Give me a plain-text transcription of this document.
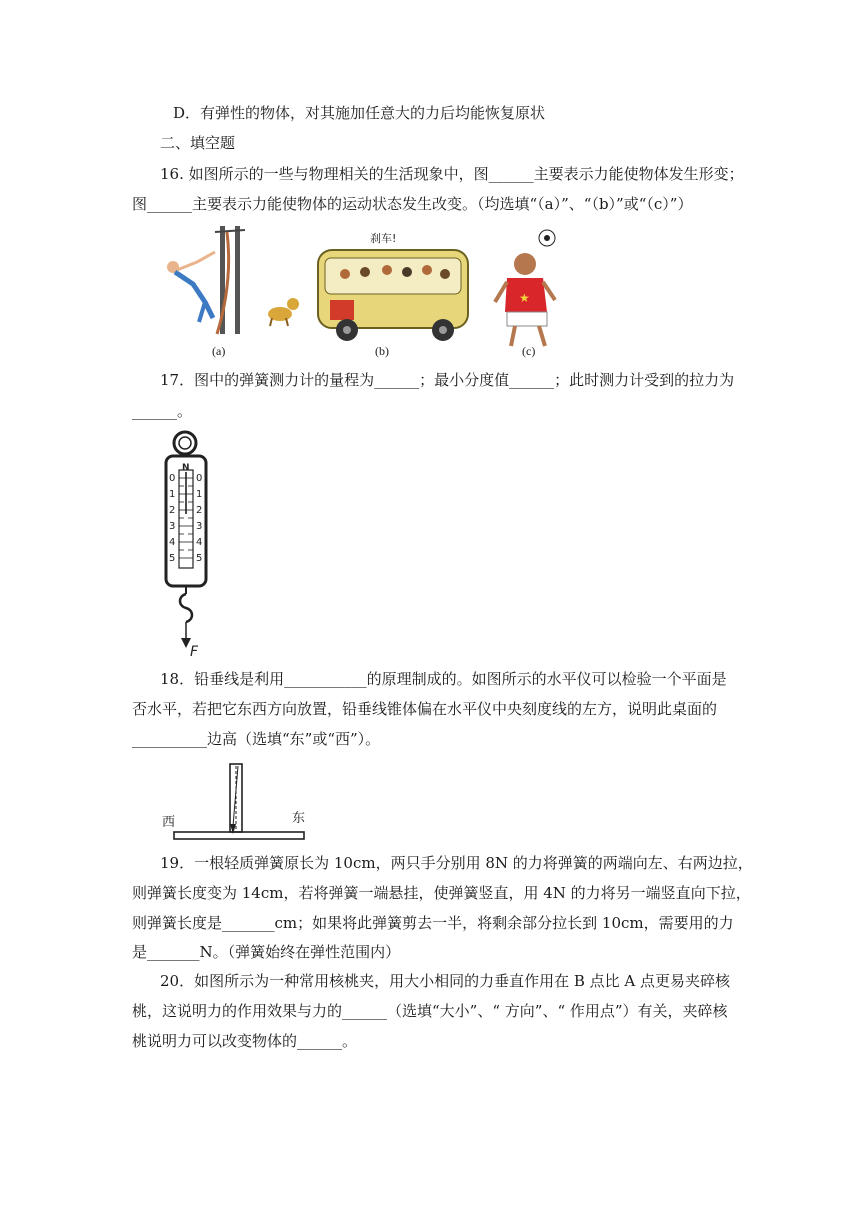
D．有弹性的物体，对其施加任意大的力后均能恢复原状
二、填空题
16. 如图所示的一些与物理相关的生活现象中，图______主要表示力能使物体发生形变；
图______主要表示力能使物体的运动状态发生改变。（均选填“（a）”、“（b）”或“（c）”）
刹车!
★
(a)	(b)	(c)
17．图中的弹簧测力计的量程为______；最小分度值______；此时测力计受到的拉力为
______。
N
0
1
2
3
4
5
0
1
2
3
4
5
F
18．铅垂线是利用___________的原理制成的。如图所示的水平仪可以检验一个平面是
否水平，若把它东西方向放置，铅垂线锥体偏在水平仪中央刻度线的左方，说明此桌面的
__________边高（选填“东”或“西”）。
西	东
19．一根轻质弹簧原长为 10cm，两只手分别用 8N 的力将弹簧的两端向左、右两边拉，
则弹簧长度变为 14cm，若将弹簧一端悬挂，使弹簧竖直，用 4N 的力将另一端竖直向下拉，
则弹簧长度是_______cm；如果将此弹簧剪去一半，将剩余部分拉长到 10cm，需要用的力
是_______N。（弹簧始终在弹性范围内）
20．如图所示为一种常用核桃夹，用大小相同的力垂直作用在 B 点比 A 点更易夹碎核
桃，这说明力的作用效果与力的______（选填“大小”、“ 方向”、“ 作用点”）有关，夹碎核
桃说明力可以改变物体的______。
